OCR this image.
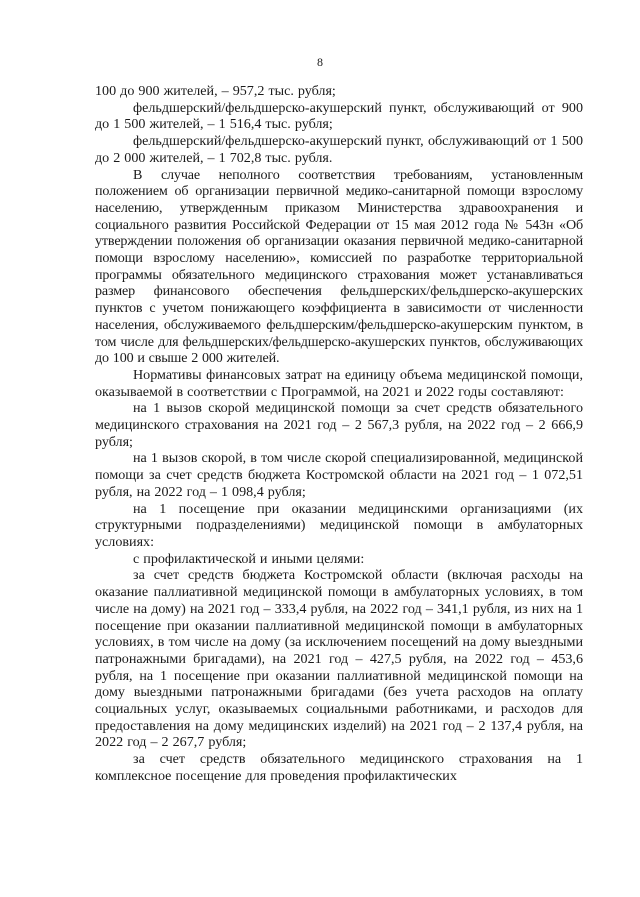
8

100 до 900 жителей, – 957,2 тыс. рубля;

фельдшерский/фельдшерско-акушерский пункт, обслуживающий от 900 до 1 500 жителей, – 1 516,4 тыс. рубля;

фельдшерский/фельдшерско-акушерский пункт, обслуживающий от 1 500 до 2 000 жителей, – 1 702,8 тыс. рубля.

В случае неполного соответствия требованиям, установленным положением об организации первичной медико-санитарной помощи взрослому населению, утвержденным приказом Министерства здравоохранения и социального развития Российской Федерации от 15 мая 2012 года № 543н «Об утверждении положения об организации оказания первичной медико-санитарной помощи взрослому населению», комиссией по разработке территориальной программы обязательного медицинского страхования может устанавливаться размер финансового обеспечения фельдшерских/фельдшерско-акушерских пунктов с учетом понижающего коэффициента в зависимости от численности населения, обслуживаемого фельдшерским/фельдшерско-акушерским пунктом, в том числе для фельдшерских/фельдшерско-акушерских пунктов, обслуживающих до 100 и свыше 2 000 жителей.

Нормативы финансовых затрат на единицу объема медицинской помощи, оказываемой в соответствии с Программой, на 2021 и 2022 годы составляют:

на 1 вызов скорой медицинской помощи за счет средств обязательного медицинского страхования на 2021 год – 2 567,3 рубля, на 2022 год – 2 666,9 рубля;

на 1 вызов скорой, в том числе скорой специализированной, медицинской помощи за счет средств бюджета Костромской области на 2021 год – 1 072,51 рубля, на 2022 год – 1 098,4 рубля;

на 1 посещение при оказании медицинскими организациями (их структурными подразделениями) медицинской помощи в амбулаторных условиях:

с профилактической и иными целями:

за счет средств бюджета Костромской области (включая расходы на оказание паллиативной медицинской помощи в амбулаторных условиях, в том числе на дому) на 2021 год – 333,4 рубля, на 2022 год – 341,1 рубля, из них на 1 посещение при оказании паллиативной медицинской помощи в амбулаторных условиях, в том числе на дому (за исключением посещений на дому выездными патронажными бригадами), на 2021 год – 427,5 рубля, на 2022 год – 453,6 рубля, на 1 посещение при оказании паллиативной медицинской помощи на дому выездными патронажными бригадами (без учета расходов на оплату социальных услуг, оказываемых социальными работниками, и расходов для предоставления на дому медицинских изделий) на 2021 год – 2 137,4 рубля, на 2022 год – 2 267,7 рубля;

за счет средств обязательного медицинского страхования на 1 комплексное посещение для проведения профилактических
